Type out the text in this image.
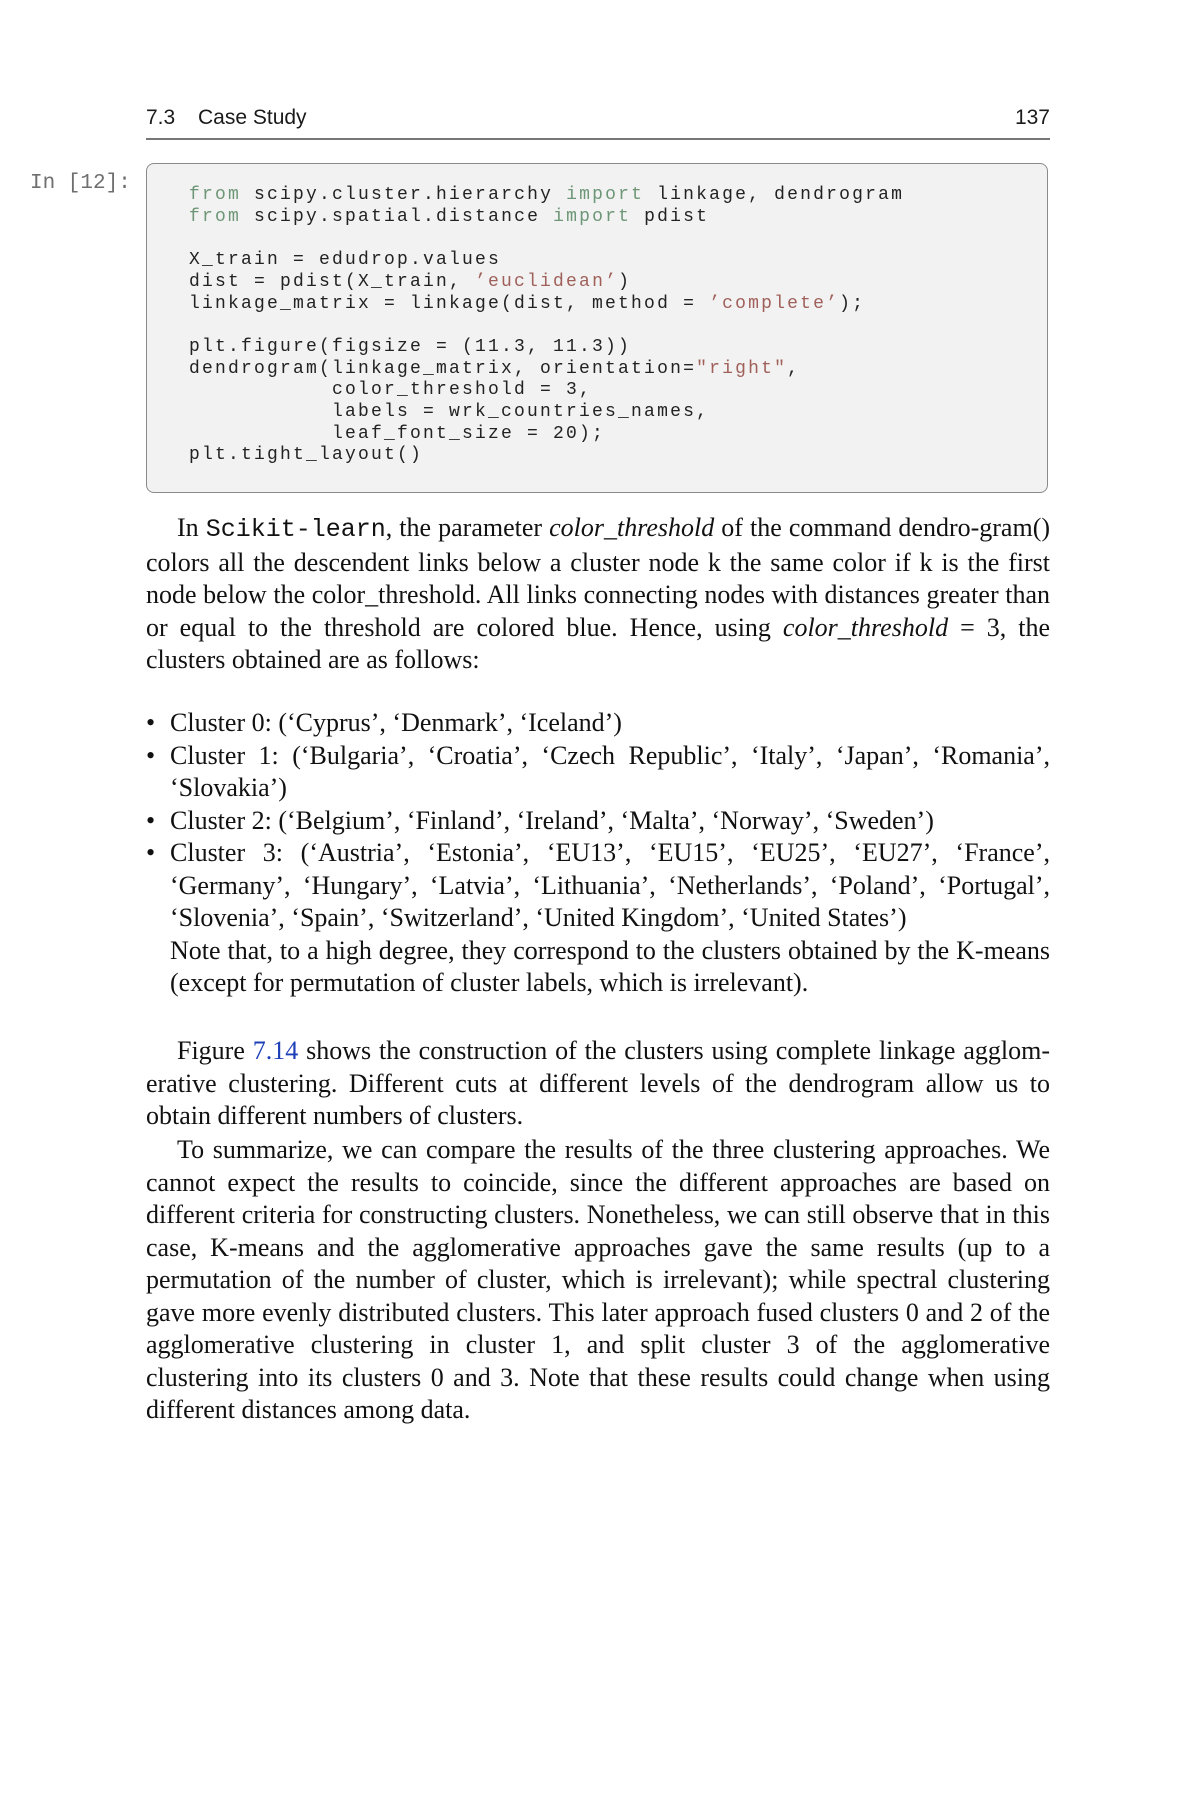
7.3 Case Study	137
In [12]:	from scipy.cluster.hierarchy import linkage, dendrogram
from scipy.spatial.distance import pdist

X_train = edudrop.values
dist = pdist(X_train, ’euclidean’)
linkage_matrix = linkage(dist, method = ’complete’);

plt.figure(figsize = (11.3, 11.3))
dendrogram(linkage_matrix, orientation="right",
color_threshold = 3,
labels = wrk_countries_names,
leaf_font_size = 20);
plt.tight_layout()

In Scikit-learn, the parameter color_threshold of the command dendro-gram() colors all the descendent links below a cluster node k the same color if k is the first node below the color_threshold. All links connecting nodes with distances greater than or equal to the threshold are colored blue. Hence, using color_threshold = 3, the clusters obtained are as follows:

• Cluster 0: (‘Cyprus’, ‘Denmark’, ‘Iceland’)
• Cluster 1: (‘Bulgaria’, ‘Croatia’, ‘Czech Republic’, ‘Italy’, ‘Japan’, ‘Romania’, ‘Slovakia’)
• Cluster 2: (‘Belgium’, ‘Finland’, ‘Ireland’, ‘Malta’, ‘Norway’, ‘Sweden’)
• Cluster 3: (‘Austria’, ‘Estonia’, ‘EU13’, ‘EU15’, ‘EU25’, ‘EU27’, ‘France’, ‘Germany’, ‘Hungary’, ‘Latvia’, ‘Lithuania’, ‘Netherlands’, ‘Poland’, ‘Portugal’, ‘Slovenia’, ‘Spain’, ‘Switzerland’, ‘United Kingdom’, ‘United States’)
Note that, to a high degree, they correspond to the clusters obtained by the K-means (except for permutation of cluster labels, which is irrelevant).

Figure 7.14 shows the construction of the clusters using complete linkage agglom-erative clustering. Different cuts at different levels of the dendrogram allow us to obtain different numbers of clusters.

To summarize, we can compare the results of the three clustering approaches. We cannot expect the results to coincide, since the different approaches are based on different criteria for constructing clusters. Nonetheless, we can still observe that in this case, K-means and the agglomerative approaches gave the same results (up to a permutation of the number of cluster, which is irrelevant); while spectral clustering gave more evenly distributed clusters. This later approach fused clusters 0 and 2 of the agglomerative clustering in cluster 1, and split cluster 3 of the agglomerative clustering into its clusters 0 and 3. Note that these results could change when using different distances among data.
